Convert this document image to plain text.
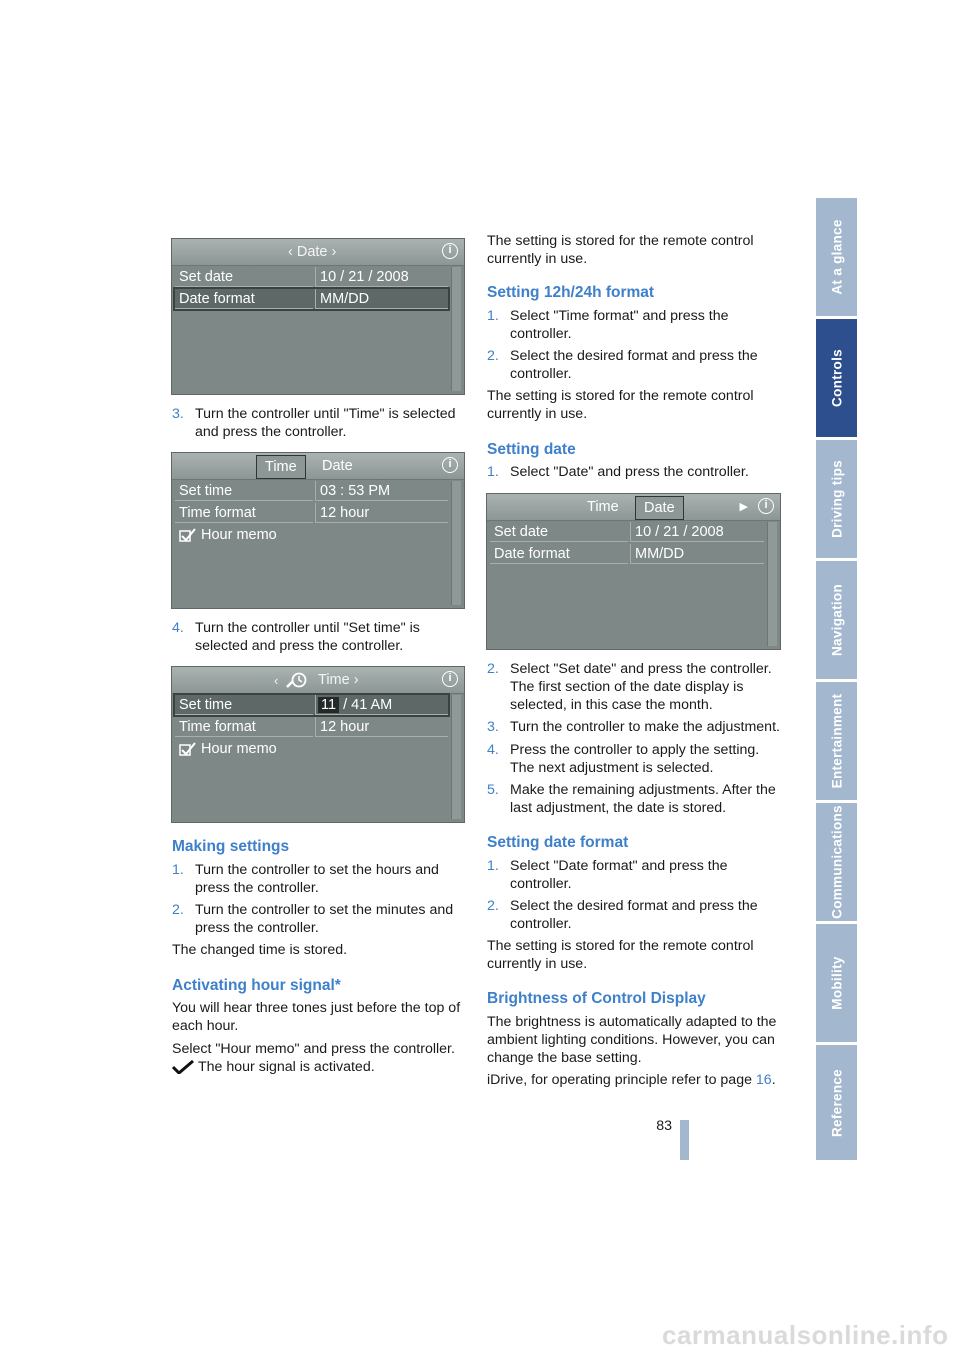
At a glance
Controls
Driving tips
Navigation
Entertainment
Communications
Mobility
Reference
‹ Date ›	i
Set date	10 / 21 / 2008
Date format	MM/DD
3. Turn the controller until "Time" is selected and press the controller.
Time	Date	i
Set time	03 : 53 PM
Time format	12 hour
Hour memo
4. Turn the controller until "Set time" is selected and press the controller.
‹	Time ›	i
Set time	11 / 41 AM
Time format	12 hour
Hour memo
Making settings
1. Turn the controller to set the hours and press the controller.
2. Turn the controller to set the minutes and press the controller.
The changed time is stored.
Activating hour signal*
You will hear three tones just before the top of each hour.
Select "Hour memo" and press the controller.
The hour signal is activated.
The setting is stored for the remote control currently in use.
Setting 12h/24h format
1. Select "Time format" and press the controller.
2. Select the desired format and press the controller.
The setting is stored for the remote control currently in use.
Setting date
1. Select "Date" and press the controller.
Time	Date	▶	i
Set date	10 / 21 / 2008
Date format	MM/DD
2. Select "Set date" and press the controller. The first section of the date display is selected, in this case the month.
3. Turn the controller to make the adjustment.
4. Press the controller to apply the setting. The next adjustment is selected.
5. Make the remaining adjustments. After the last adjustment, the date is stored.
Setting date format
1. Select "Date format" and press the controller.
2. Select the desired format and press the controller.
The setting is stored for the remote control currently in use.
Brightness of Control Display
The brightness is automatically adapted to the ambient lighting conditions. However, you can change the base setting.
iDrive, for operating principle refer to page 16.
83
carmanualsonline.info
